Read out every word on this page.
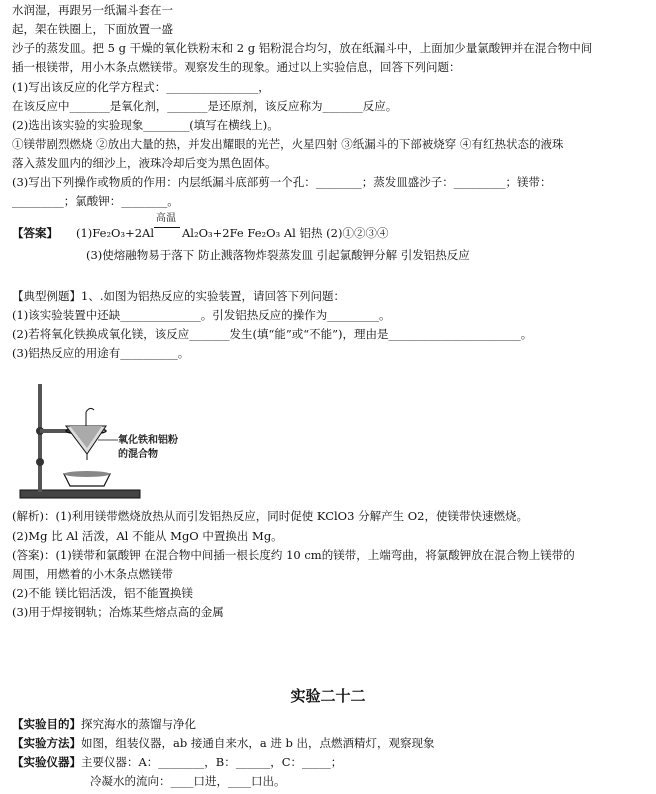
水润湿，再跟另一纸漏斗套在一
起，架在铁圈上，下面放置一盛
沙子的蒸发皿。把 5 g 干燥的氧化铁粉末和 2 g 铝粉混合均匀，放在纸漏斗中，上面加少量氯酸钾并在混合物中间
插一根镁带，用小木条点燃镁带。观察发生的现象。通过以上实验信息，回答下列问题：
(1)写出该反应的化学方程式：________________，
在该反应中_______是氧化剂，_______是还原剂，该反应称为_______反应。
(2)选出该实验的实验现象________(填写在横线上)。
①镁带剧烈燃烧 ②放出大量的热，并发出耀眼的光芒，火星四射 ③纸漏斗的下部被烧穿 ④有红热状态的液珠
落入蒸发皿内的细沙上，液珠冷却后变为黑色固体。
(3)写出下列操作或物质的作用：内层纸漏斗底部剪一个孔：________；蒸发皿盛沙子：_________；镁带：
_________；氯酸钾：________。
【答案】 (1)Fe₂O₃+2Al
高温
Al₂O₃+2Fe Fe₂O₃ Al 铝热 (2)①②③④
(3)使熔融物易于落下 防止溅落物炸裂蒸发皿 引起氯酸钾分解 引发铝热反应
【典型例题】1、.如图为铝热反应的实验装置，请回答下列问题：
(1)该实验装置中还缺______________。引发铝热反应的操作为_________。
(2)若将氧化铁换成氧化镁，该反应_______发生(填“能”或“不能”)，理由是_______________________。
(3)铝热反应的用途有__________。
氧化铁和铝粉
的混合物
(解析)：(1)利用镁带燃烧放热从而引发铝热反应，同时促使 KClO3 分解产生 O2，使镁带快速燃烧。
(2)Mg 比 Al 活泼，Al 不能从 MgO 中置换出 Mg。
(答案)：(1)镁带和氯酸钾 在混合物中间插一根长度约 10 cm的镁带，上端弯曲，将氯酸钾放在混合物上镁带的
周围，用燃着的小木条点燃镁带
(2)不能 镁比铝活泼，铝不能置换镁
(3)用于焊接钢轨；冶炼某些熔点高的金属
实验二十二
【实验目的】探究海水的蒸馏与净化
【实验方法】如图，组装仪器，ab 接通自来水，a 进 b 出，点燃酒精灯，观察现象
【实验仪器】主要仪器：A：________，B：______，C：_____；
冷凝水的流向：____口进，____口出。
